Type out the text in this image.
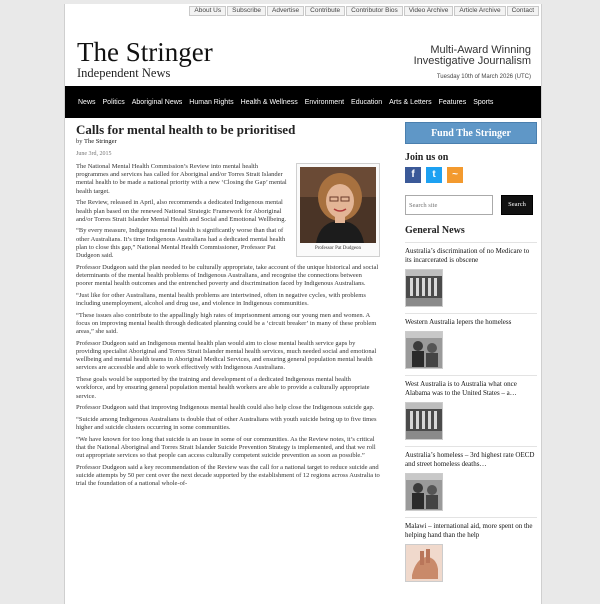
About Us	Subscribe	Advertise	Contribute	Contributor Bios	Video Archive	Article Archive	Contact
The Stringer
Independent News
Multi-Award Winning
Investigative Journalism
Tuesday 10th of March 2026 (UTC)
News Politics Aboriginal News Human Rights Health & Wellness Environment Education Arts & Letters Features Sports
Calls for mental health to be prioritised
by The Stringer
June 3rd, 2015
Professor Pat Dudgeon

The National Mental Health Commission’s Review into mental health programmes and services has called for Aboriginal and/or Torres Strait Islander mental health to be made a national priority with a new ‘Closing the Gap’ mental health target.

The Review, released in April, also recommends a dedicated Indigenous mental health plan based on the renewed National Strategic Framework for Aboriginal and/or Torres Strait Islander Mental Health and Social and Emotional Wellbeing.

“By every measure, Indigenous mental health is significantly worse than that of other Australians. It’s time Indigenous Australians had a dedicated mental health plan to close this gap,” National Mental Health Commissioner, Professor Pat Dudgeon said.

Professor Dudgeon said the plan needed to be culturally appropriate, take account of the unique historical and social determinants of the mental health problems of Indigenous Australians, and recognise the connections between poorer mental health outcomes and the entrenched poverty and discrimination faced by Indigenous Australians.

“Just like for other Australians, mental health problems are intertwined, often in negative cycles, with problems including unemployment, alcohol and drug use, and violence in Indigenous communities.

“These issues also contribute to the appallingly high rates of imprisonment among our young men and women. A focus on improving mental health through dedicated planning could be a ‘circuit breaker’ in many of these problem areas,” she said.

Professor Dudgeon said an Indigenous mental health plan would aim to close mental health service gaps by providing specialist Aboriginal and Torres Strait Islander mental health services, much needed social and emotional wellbeing and mental health teams in Aboriginal Medical Services, and ensuring general population mental health services are accessible and able to work effectively with Indigenous Australians.

These goals would be supported by the training and development of a dedicated Indigenous mental health workforce, and by ensuring general population mental health workers are able to provide a culturally appropriate service.

Professor Dudgeon said that improving Indigenous mental health could also help close the Indigenous suicide gap.

“Suicide among Indigenous Australians is double that of other Australians with youth suicide being up to five times higher and suicide clusters occurring in some communities.

“We have known for too long that suicide is an issue in some of our communities. As the Review notes, it’s critical that the National Aboriginal and Torres Strait Islander Suicide Prevention Strategy is implemented, and that we roll out appropriate services so that people can access culturally competent suicide prevention as soon as possible.”

Professor Dudgeon said a key recommendation of the Review was the call for a national target to reduce suicide and suicide attempts by 50 per cent over the next decade supported by the establishment of 12 regions across Australia to trial the foundation of a national whole-of-

Fund The Stringer
Join us on
f	t	~
Search site
Search
General News
Australia’s discrimination of no Medicare to its incarcerated is obscene
Western Australia lepers the homeless
West Australia is to Australia what once Alabama was to the United States – a…
Australia’s homeless – 3rd highest rate OECD and street homeless deaths…
Malawi – international aid, more spent on the helping hand than the help
